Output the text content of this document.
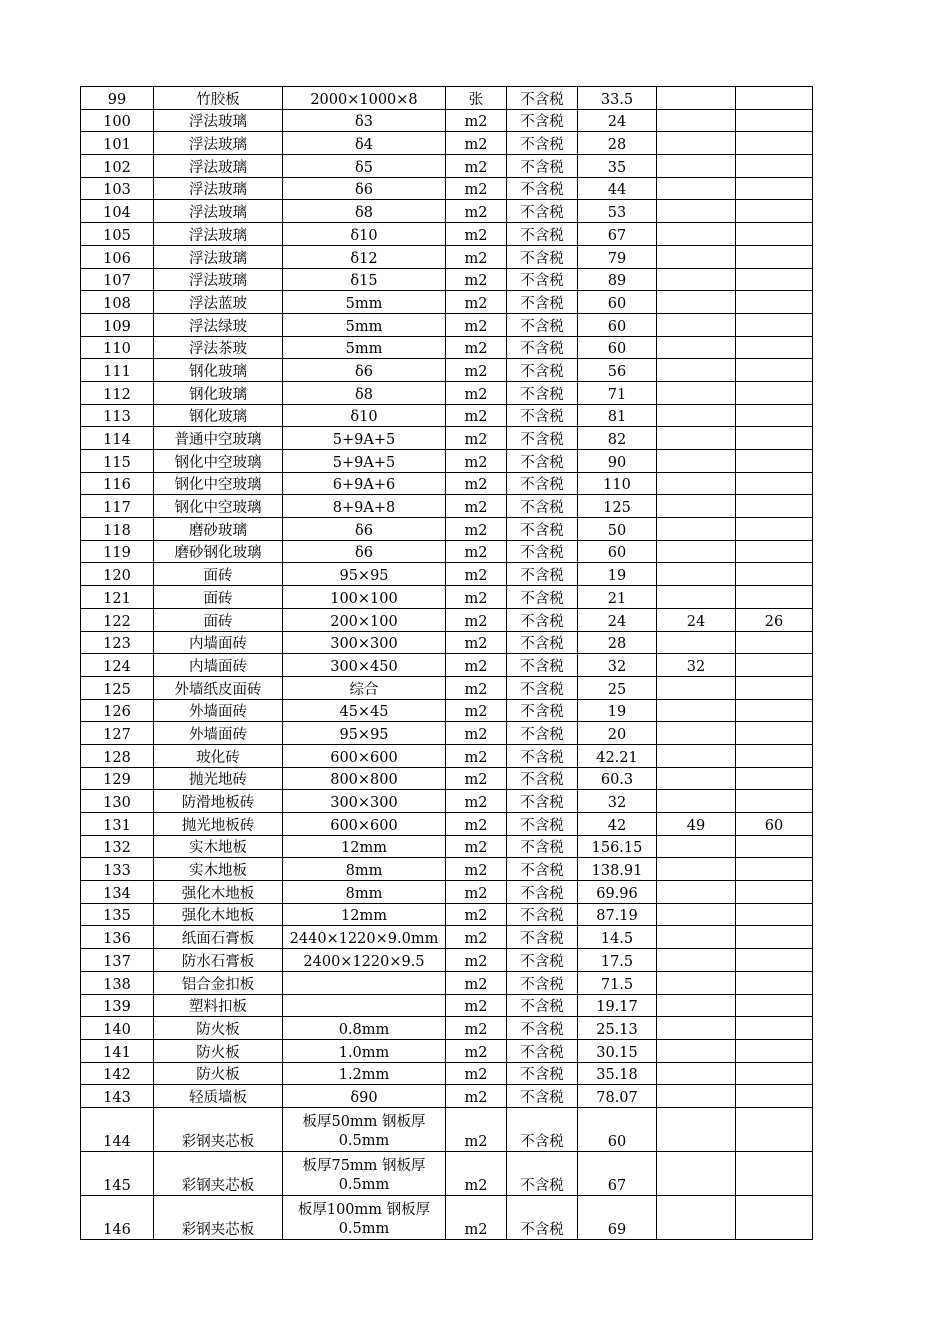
99	竹胶板	2000×1000×8	张	不含税	33.5		
100	浮法玻璃	δ3	m2	不含税	24		
101	浮法玻璃	δ4	m2	不含税	28		
102	浮法玻璃	δ5	m2	不含税	35		
103	浮法玻璃	δ6	m2	不含税	44		
104	浮法玻璃	δ8	m2	不含税	53		
105	浮法玻璃	δ10	m2	不含税	67		
106	浮法玻璃	δ12	m2	不含税	79		
107	浮法玻璃	δ15	m2	不含税	89		
108	浮法蓝玻	5mm	m2	不含税	60		
109	浮法绿玻	5mm	m2	不含税	60		
110	浮法茶玻	5mm	m2	不含税	60		
111	钢化玻璃	δ6	m2	不含税	56		
112	钢化玻璃	δ8	m2	不含税	71		
113	钢化玻璃	δ10	m2	不含税	81		
114	普通中空玻璃	5+9A+5	m2	不含税	82		
115	钢化中空玻璃	5+9A+5	m2	不含税	90		
116	钢化中空玻璃	6+9A+6	m2	不含税	110		
117	钢化中空玻璃	8+9A+8	m2	不含税	125		
118	磨砂玻璃	δ6	m2	不含税	50		
119	磨砂钢化玻璃	δ6	m2	不含税	60		
120	面砖	95×95	m2	不含税	19		
121	面砖	100×100	m2	不含税	21		
122	面砖	200×100	m2	不含税	24	24	26
123	内墙面砖	300×300	m2	不含税	28		
124	内墙面砖	300×450	m2	不含税	32	32	
125	外墙纸皮面砖	综合	m2	不含税	25		
126	外墙面砖	45×45	m2	不含税	19		
127	外墙面砖	95×95	m2	不含税	20		
128	玻化砖	600×600	m2	不含税	42.21		
129	抛光地砖	800×800	m2	不含税	60.3		
130	防滑地板砖	300×300	m2	不含税	32		
131	抛光地板砖	600×600	m2	不含税	42	49	60
132	实木地板	12mm	m2	不含税	156.15		
133	实木地板	8mm	m2	不含税	138.91		
134	强化木地板	8mm	m2	不含税	69.96		
135	强化木地板	12mm	m2	不含税	87.19		
136	纸面石膏板	2440×1220×9.0mm	m2	不含税	14.5		
137	防水石膏板	2400×1220×9.5	m2	不含税	17.5		
138	铝合金扣板		m2	不含税	71.5		
139	塑料扣板		m2	不含税	19.17		
140	防火板	0.8mm	m2	不含税	25.13		
141	防火板	1.0mm	m2	不含税	30.15		
142	防火板	1.2mm	m2	不含税	35.18		
143	轻质墙板	δ90	m2	不含税	78.07		
144	彩钢夹芯板	板厚50mm 钢板厚0.5mm	m2	不含税	60		
145	彩钢夹芯板	板厚75mm 钢板厚0.5mm	m2	不含税	67		
146	彩钢夹芯板	板厚100mm 钢板厚0.5mm	m2	不含税	69		
